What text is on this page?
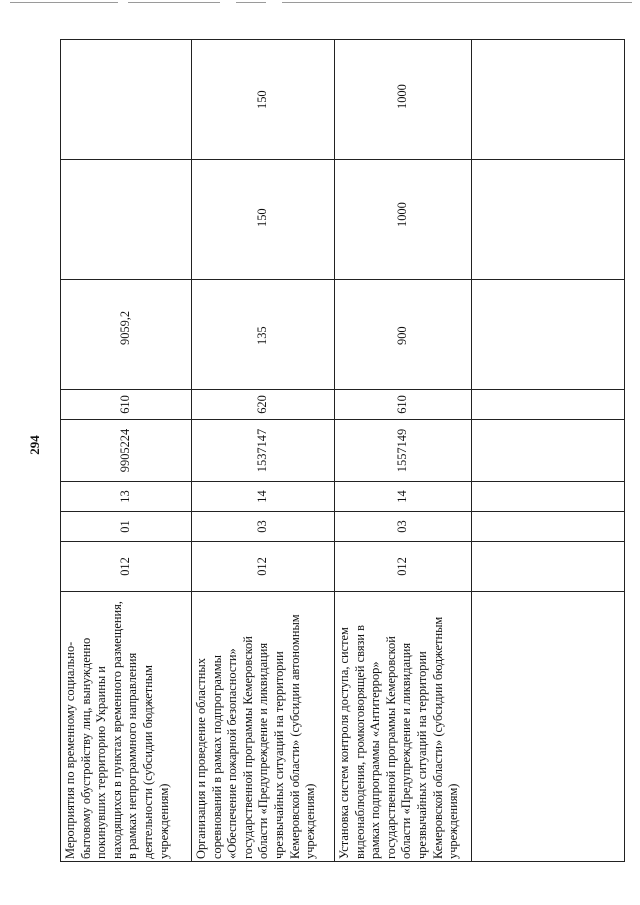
294
Мероприятия по временному социально-бытовому обустройству лиц, вынужденно покинувших территорию Украины и находящихся в пунктах временного размещения, в рамках непрограммного направления деятельности (субсидии бюджетным учреждениям)	012	01	13	9905224	610	9059,2		
Организация и проведение областных соревнований в рамках подпрограммы «Обеспечение пожарной безопасности» государственной программы Кемеровской области «Предупреждение и ликвидация чрезвычайных ситуаций на территории Кемеровской области» (субсидии автономным учреждениям)	012	03	14	1537147	620	135	150	150
Установка систем контроля доступа, систем видеонаблюдения, громкоговорящей связи в рамках подпрограммы «Антитеррор» государственной программы Кемеровской области «Предупреждение и ликвидация чрезвычайных ситуаций на территории Кемеровской области» (субсидии бюджетным учреждениям)	012	03	14	1557149	610	900	1000	1000
